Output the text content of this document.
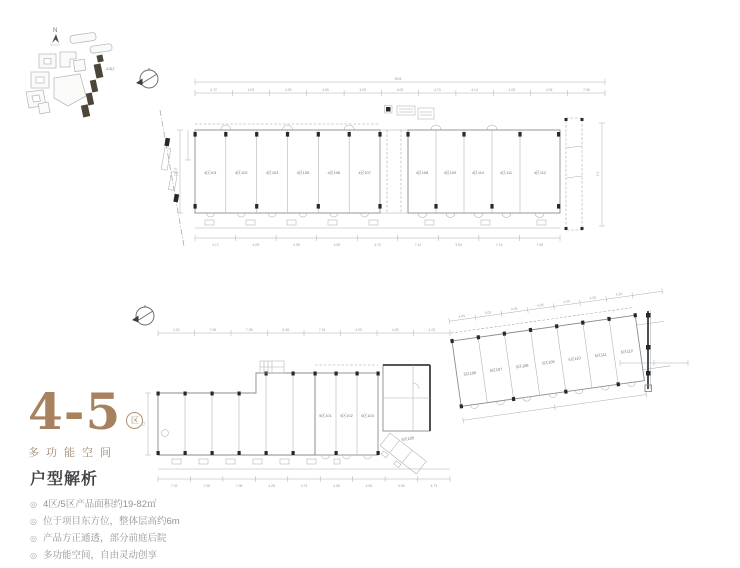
N
4-5区
59.8
4.72	4.03	4.05	4.05	4.05	4.05	4.73	4.14	4.05	4.05	7.08
4区101	4区102	4区103	4区105	4区106	4区107	4区108	4区109	4区110	4区111	4区112
4.72	4.05	4.05	4.05	4.73	7.14	3.54	7.14	7.08
15.07	7.2
4.23	7.08	7.08	5.38	7.91	4.05	4.05	4.23
7.2
5区101 5区102 5区103
5区105
7.02	7.08	7.08	4.28	4.73	4.05	4.05	4.05	4.73
4.05
4.05
4.05
4.05
4.05
4.05
4.23
5区106
5区107
5区108
5区109
5区110
5区111
5区112
4-5 区
多功能空间
户型解析
◎ 4区/5区产品面积约19-82㎡
◎ 位于项目东方位，整体层高约6m
◎ 产品方正通透，部分前庭后院
◎ 多功能空间，自由灵动创享
